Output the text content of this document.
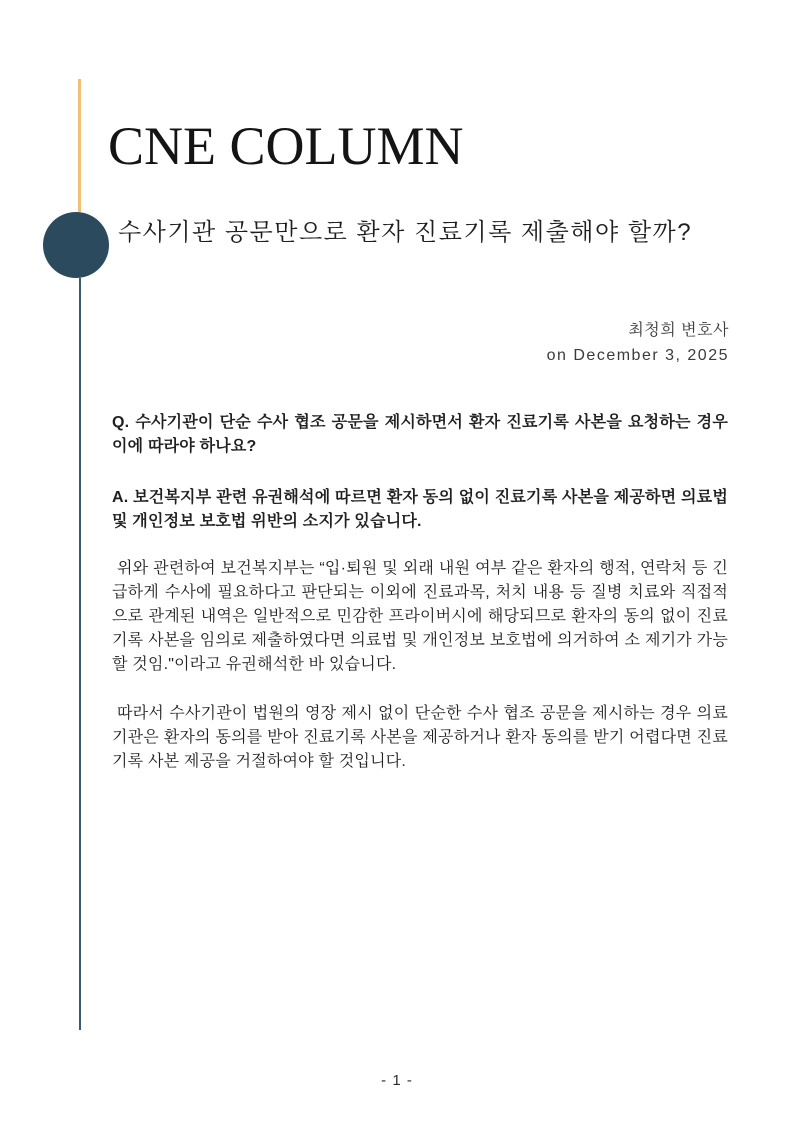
CNE COLUMN
수사기관 공문만으로 환자 진료기록 제출해야 할까?
최청희 변호사
on December 3, 2025

Q. 수사기관이 단순 수사 협조 공문을 제시하면서 환자 진료기록 사본을 요청하는 경우 이에 따라야 하나요?

A. 보건복지부 관련 유권해석에 따르면 환자 동의 없이 진료기록 사본을 제공하면 의료법 및 개인정보 보호법 위반의 소지가 있습니다.

위와 관련하여 보건복지부는 “입·퇴원 및 외래 내원 여부 같은 환자의 행적, 연락처 등 긴급하게 수사에 필요하다고 판단되는 이외에 진료과목, 처치 내용 등 질병 치료와 직접적으로 관계된 내역은 일반적으로 민감한 프라이버시에 해당되므로 환자의 동의 없이 진료기록 사본을 임의로 제출하였다면 의료법 및 개인정보 보호법에 의거하여 소 제기가 가능할 것임."이라고 유권해석한 바 있습니다.

따라서 수사기관이 법원의 영장 제시 없이 단순한 수사 협조 공문을 제시하는 경우 의료기관은 환자의 동의를 받아 진료기록 사본을 제공하거나 환자 동의를 받기 어렵다면 진료기록 사본 제공을 거절하여야 할 것입니다.

- 1 -
